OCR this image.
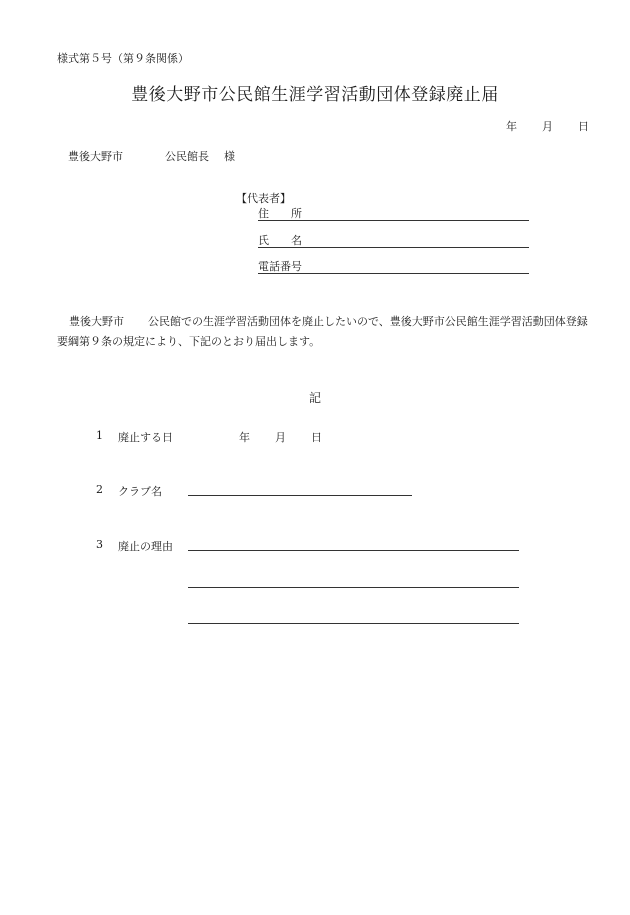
様式第５号（第９条関係）
豊後大野市公民館生涯学習活動団体登録廃止届
年 月 日
豊後大野市	公民館長 様
【代表者】
住　　所
氏　　名
電話番号
豊後大野市 公民館での生涯学習活動団体を廃止したいので、豊後大野市公民館生涯学習活動団体登録要綱第９条の規定により、下記のとおり届出します。
記
1 廃止する日	年 月 日
2 クラブ名
3 廃止の理由
